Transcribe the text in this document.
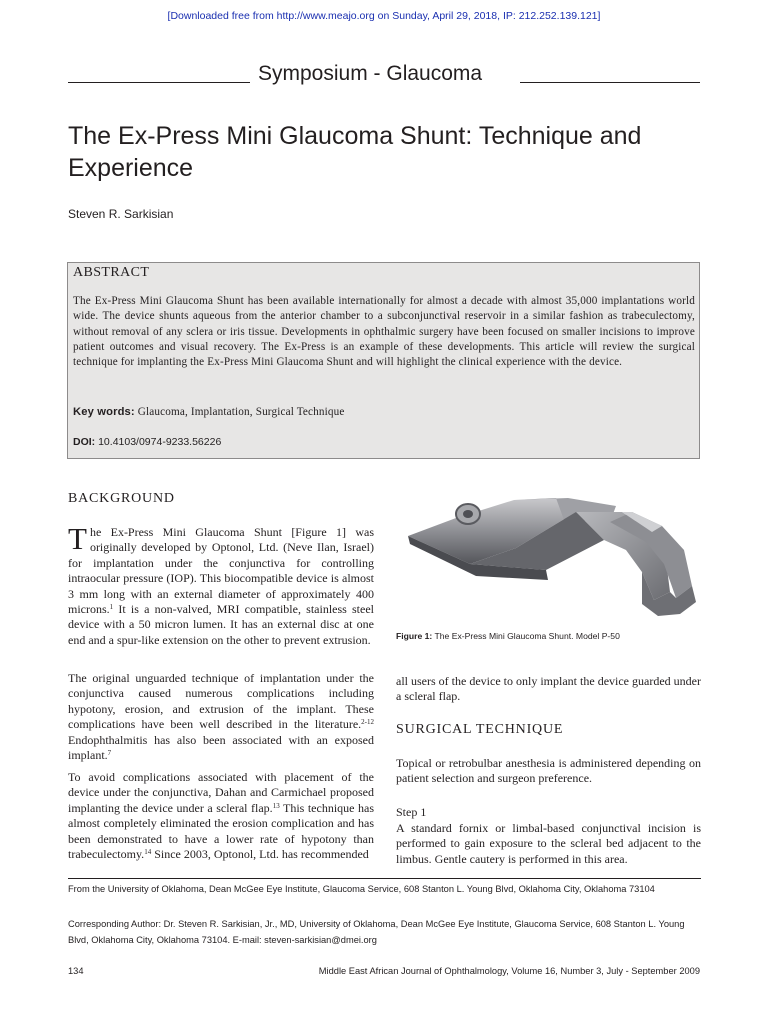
[Downloaded free from http://www.meajo.org on Sunday, April 29, 2018, IP: 212.252.139.121]
Symposium - Glaucoma
The Ex-Press Mini Glaucoma Shunt: Technique and Experience
Steven R. Sarkisian
ABSTRACT
The Ex-Press Mini Glaucoma Shunt has been available internationally for almost a decade with almost 35,000 implantations world wide. The device shunts aqueous from the anterior chamber to a subconjunctival reservoir in a similar fashion as trabeculectomy, without removal of any sclera or iris tissue. Developments in ophthalmic surgery have been focused on smaller incisions to improve patient outcomes and visual recovery. The Ex-Press is an example of these developments. This article will review the surgical technique for implanting the Ex-Press Mini Glaucoma Shunt and will highlight the clinical experience with the device.
Key words: Glaucoma, Implantation, Surgical Technique
DOI: 10.4103/0974-9233.56226
BACKGROUND
The Ex-Press Mini Glaucoma Shunt [Figure 1] was originally developed by Optonol, Ltd. (Neve Ilan, Israel) for implantation under the conjunctiva for controlling intraocular pressure (IOP). This biocompatible device is almost 3 mm long with an external diameter of approximately 400 microns.$^1$ It is a non-valved, MRI compatible, stainless steel device with a 50 micron lumen. It has an external disc at one end and a spur-like extension on the other to prevent extrusion.
The original unguarded technique of implantation under the conjunctiva caused numerous complications including hypotony, erosion, and extrusion of the implant. These complications have been well described in the literature.$^{2-12}$ Endophthalmitis has also been associated with an exposed implant.$^7$
To avoid complications associated with placement of the device under the conjunctiva, Dahan and Carmichael proposed implanting the device under a scleral flap.$^{13}$ This technique has almost completely eliminated the erosion complication and has been demonstrated to have a lower rate of hypotony than trabeculectomy.$^{14}$ Since 2003, Optonol, Ltd. has recommended
Figure 1: The Ex-Press Mini Glaucoma Shunt. Model P-50
all users of the device to only implant the device guarded under a scleral flap.
SURGICAL TECHNIQUE
Topical or retrobulbar anesthesia is administered depending on patient selection and surgeon preference.
Step 1
A standard fornix or limbal-based conjunctival incision is performed to gain exposure to the scleral bed adjacent to the limbus. Gentle cautery is performed in this area.
From the University of Oklahoma, Dean McGee Eye Institute, Glaucoma Service, 608 Stanton L. Young Blvd, Oklahoma City, Oklahoma 73104
Corresponding Author: Dr. Steven R. Sarkisian, Jr., MD, University of Oklahoma, Dean McGee Eye Institute, Glaucoma Service, 608 Stanton L. Young Blvd, Oklahoma City, Oklahoma 73104. E-mail: steven-sarkisian@dmei.org
134	Middle East African Journal of Ophthalmology, Volume 16, Number 3, July - September 2009
